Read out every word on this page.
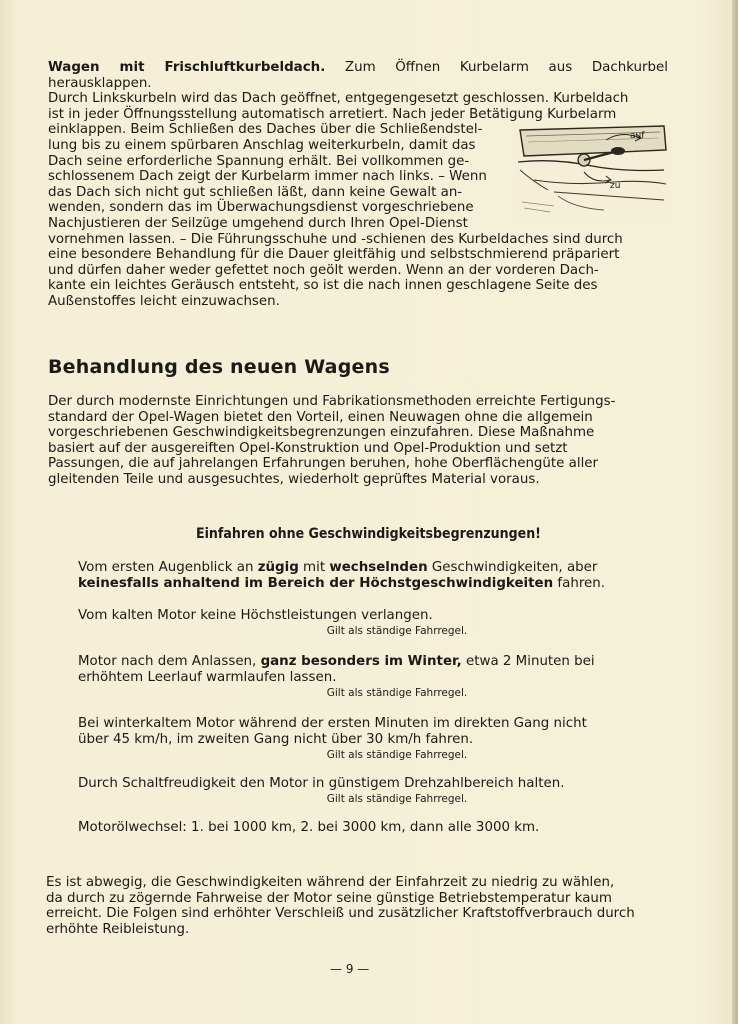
Wagen mit Frischluftkurbeldach. Zum Öffnen Kurbelarm aus Dachkurbel herausklappen.
Durch Linkskurbeln wird das Dach geöffnet, entgegengesetzt geschlossen. Kurbeldach
ist in jeder Öffnungsstellung automatisch arretiert. Nach jeder Betätigung Kurbelarm
einklappen. Beim Schließen des Daches über die Schließendstel-
lung bis zu einem spürbaren Anschlag weiterkurbeln, damit das
Dach seine erforderliche Spannung erhält. Bei vollkommen ge-
schlossenem Dach zeigt der Kurbelarm immer nach links. – Wenn
das Dach sich nicht gut schließen läßt, dann keine Gewalt an-
wenden, sondern das im Überwachungsdienst vorgeschriebene
Nachjustieren der Seilzüge umgehend durch Ihren Opel-Dienst
vornehmen lassen. – Die Führungsschuhe und -schienen des Kurbeldaches sind durch
eine besondere Behandlung für die Dauer gleitfähig und selbstschmierend präpariert
und dürfen daher weder gefettet noch geölt werden. Wenn an der vorderen Dach-
kante ein leichtes Geräusch entsteht, so ist die nach innen geschlagene Seite des
Außenstoffes leicht einzuwachsen.
auf
zu
Behandlung des neuen Wagens
Der durch modernste Einrichtungen und Fabrikationsmethoden erreichte Fertigungs-
standard der Opel-Wagen bietet den Vorteil, einen Neuwagen ohne die allgemein
vorgeschriebenen Geschwindigkeitsbegrenzungen einzufahren. Diese Maßnahme
basiert auf der ausgereiften Opel-Konstruktion und Opel-Produktion und setzt
Passungen, die auf jahrelangen Erfahrungen beruhen, hohe Oberflächengüte aller
gleitenden Teile und ausgesuchtes, wiederholt geprüftes Material voraus.
Einfahren ohne Geschwindigkeitsbegrenzungen!
Vom ersten Augenblick an zügig mit wechselnden Geschwindigkeiten, aber
keinesfalls anhaltend im Bereich der Höchstgeschwindigkeiten fahren.
Vom kalten Motor keine Höchstleistungen verlangen.
Gilt als ständige Fahrregel.
Motor nach dem Anlassen, ganz besonders im Winter, etwa 2 Minuten bei
erhöhtem Leerlauf warmlaufen lassen.
Gilt als ständige Fahrregel.
Bei winterkaltem Motor während der ersten Minuten im direkten Gang nicht
über 45 km/h, im zweiten Gang nicht über 30 km/h fahren.
Gilt als ständige Fahrregel.
Durch Schaltfreudigkeit den Motor in günstigem Drehzahlbereich halten.
Gilt als ständige Fahrregel.
Motorölwechsel: 1. bei 1000 km, 2. bei 3000 km, dann alle 3000 km.
Es ist abwegig, die Geschwindigkeiten während der Einfahrzeit zu niedrig zu wählen,
da durch zu zögernde Fahrweise der Motor seine günstige Betriebstemperatur kaum
erreicht. Die Folgen sind erhöhter Verschleiß und zusätzlicher Kraftstoffverbrauch durch
erhöhte Reibleistung.
— 9 —
